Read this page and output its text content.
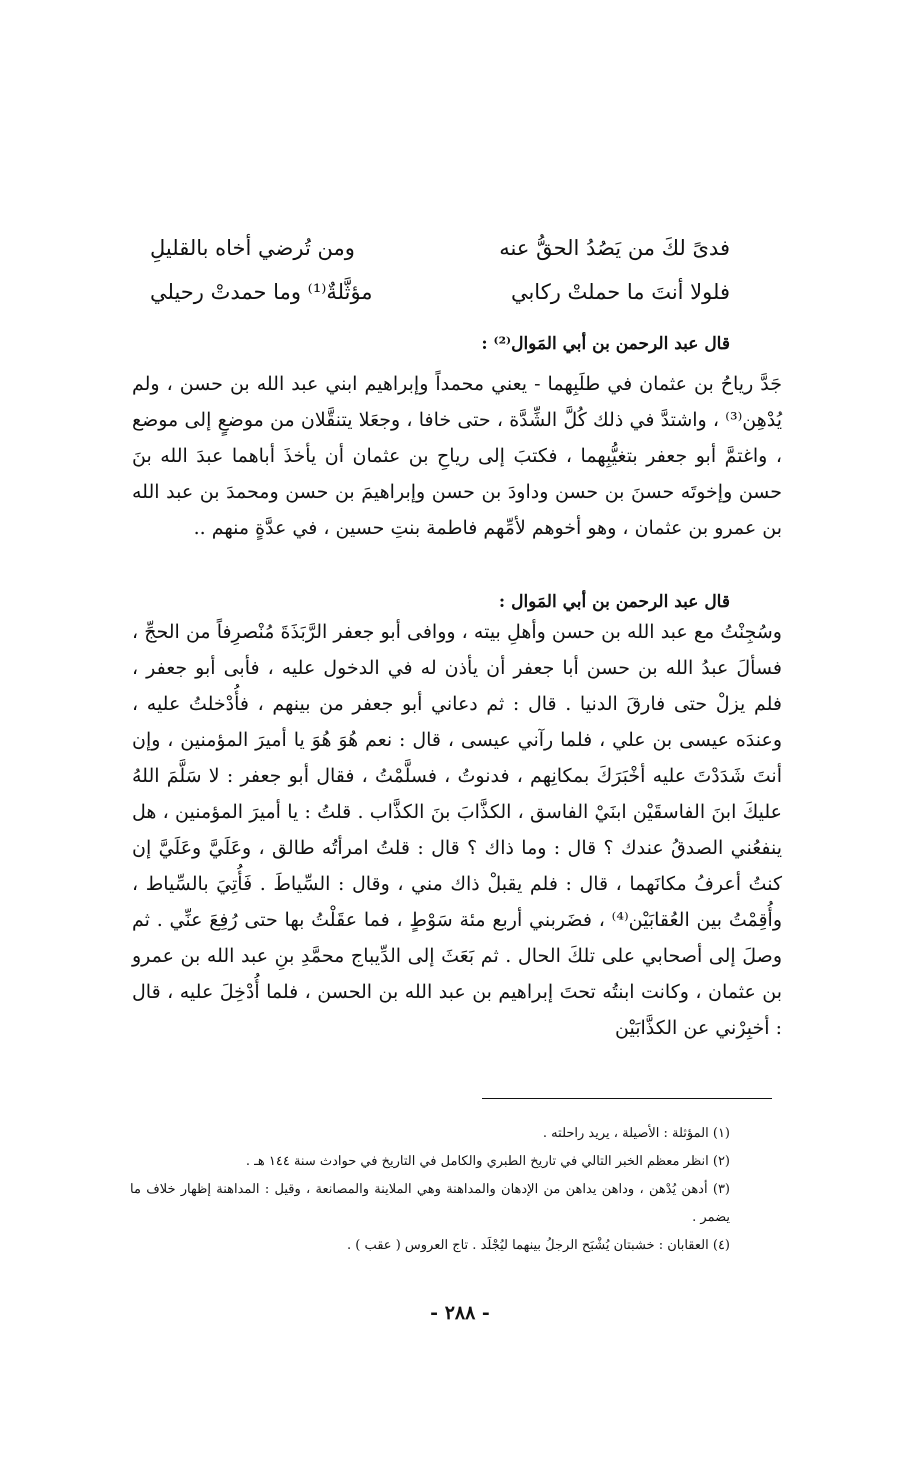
فدىً لكَ من يَصُدُ الحقُّ عنه
ومن تُرضي أخاه بالقليلِ
فلولا أنتَ ما حملتْ ركابي
مؤثَّلةٌ⁽¹⁾ وما حمدتْ رحيلي
قال عبد الرحمن بن أبي المَوال⁽²⁾ :
جَدَّ رياحُ بن عثمان في طلَبِهما - يعني محمداً وإبراهيم ابني عبد الله بن حسن ، ولم يُدْهِن⁽³⁾ ، واشتدَّ في ذلك كُلَّ الشِّدَّة ، حتى خافا ، وجعَلا يتنقَّلان من موضعٍ إلى موضع ، واغتمَّ أبو جعفر بتغيُّبِهما ، فكتبَ إلى رياحِ بن عثمان أن يأخذَ أباهما عبدَ الله بنَ حسن وإخوتَه حسنَ بن حسن وداودَ بن حسن وإبراهيمَ بن حسن ومحمدَ بن عبد الله بن عمرو بن عثمان ، وهو أخوهم لأمِّهم فاطمة بنتِ حسين ، في عدَّةٍ منهم ..
قال عبد الرحمن بن أبي المَوال :
وسُجِنْتُ مع عبد الله بن حسن وأهلِ بيته ، ووافى أبو جعفر الرَّبَذَةَ مُنْصرِفاً من الحجِّ ، فسألَ عبدُ الله بن حسن أبا جعفر أن يأذن له في الدخول عليه ، فأبى أبو جعفر ، فلم يزلْ حتى فارقَ الدنيا . قال : ثم دعاني أبو جعفر من بينهم ، فأُدْخلتُ عليه ، وعندَه عيسى بن علي ، فلما رآني عيسى ، قال : نعم هُوَ هُوَ يا أميرَ المؤمنين ، وإن أنتَ شَدَدْتَ عليه أخْبَرَكَ بمكانِهم ، فدنوتُ ، فسلَّمْتُ ، فقال أبو جعفر : لا سَلَّمَ اللهُ عليكَ ابنَ الفاسقَيْن ابنَيْ الفاسق ، الكذَّابَ بنَ الكذَّاب . قلتُ : يا أميرَ المؤمنين ، هل ينفعُني الصدقُ عندك ؟ قال : وما ذاك ؟ قال : قلتُ امرأتُه طالق ، وعَلَيَّ وعَلَيَّ إن كنتُ أعرفُ مكانَهما ، قال : فلم يقبلْ ذاك مني ، وقال : السِّياطَ . فَأُتِيَ بالسِّياط ، وأُقِمْتُ بين العُقابَيْن⁽⁴⁾ ، فضَربني أربع مئة سَوْطٍ ، فما عقَلْتُ بها حتى رُفِعَ عنِّي . ثم وصلَ إلى أصحابي على تلكَ الحال . ثم بَعَثَ إلى الدِّيباج محمَّدِ بنِ عبد الله بن عمرو بن عثمان ، وكانت ابنتُه تحتَ إبراهيم بن عبد الله بن الحسن ، فلما أُدْخِلَ عليه ، قال : أخبِرْني عن الكذَّابَيْن
(١) المؤثلة : الأصيلة ، يريد راحلته .
(٢) انظر معظم الخبر التالي في تاريخ الطبري والكامل في التاريخ في حوادث سنة ١٤٤ هـ .
(٣) أدهن يُدْهن ، وداهن يداهن من الإدهان والمداهنة وهي الملاينة والمصانعة ، وقيل : المداهنة إظهار خلاف ما يضمر .
(٤) العقابان : خشبتان يُشْبَح الرجلُ بينهما ليُجْلَد . تاج العروس ( عقب ) .
- ٢٨٨ -
